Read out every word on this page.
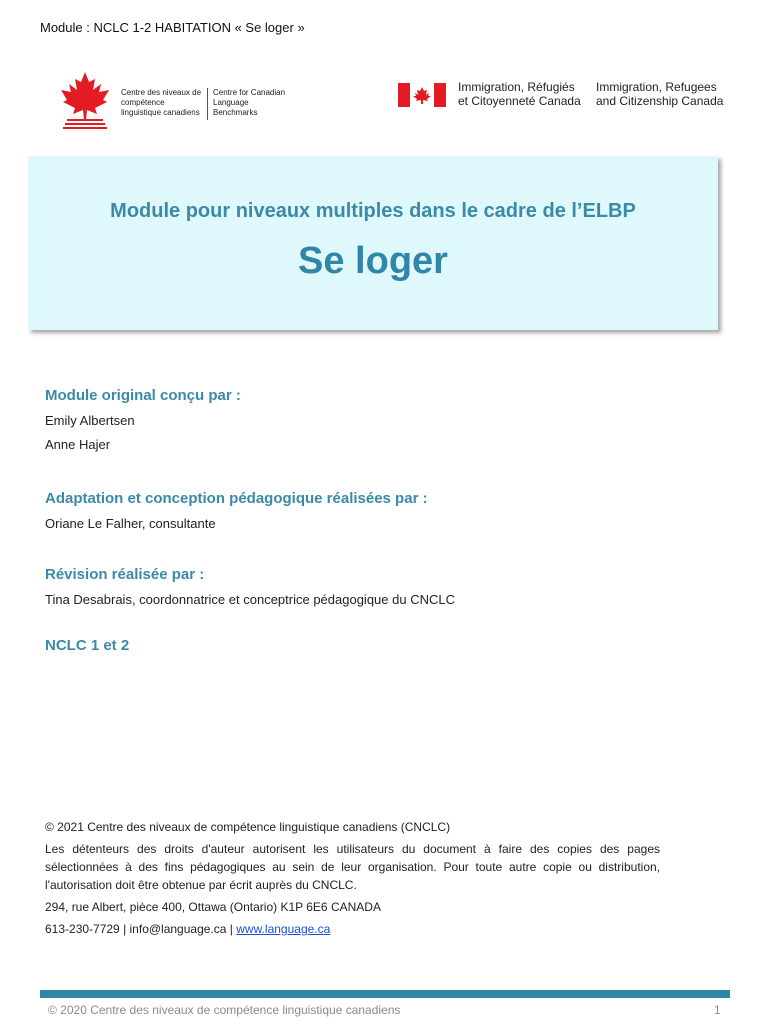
Module : NCLC 1-2 HABITATION « Se loger »
Centre des niveaux de compétence linguistique canadiens
Centre for Canadian Language Benchmarks
Immigration, Réfugiés et Citoyenneté Canada
Immigration, Refugees and Citizenship Canada
Module pour niveaux multiples dans le cadre de l’ELBP
Se loger
Module original conçu par :
Emily Albertsen
Anne Hajer
Adaptation et conception pédagogique réalisées par :
Oriane Le Falher, consultante
Révision réalisée par :
Tina Desabrais, coordonnatrice et conceptrice pédagogique du CNCLC
NCLC 1 et 2

© 2021 Centre des niveaux de compétence linguistique canadiens (CNCLC)

Les détenteurs des droits d'auteur autorisent les utilisateurs du document à faire des copies des pages sélectionnées à des fins pédagogiques au sein de leur organisation. Pour toute autre copie ou distribution, l'autorisation doit être obtenue par écrit auprès du CNCLC.

294, rue Albert, pièce 400, Ottawa (Ontario) K1P 6E6 CANADA

613-230-7729 | info@language.ca | www.language.ca

© 2020 Centre des niveaux de compétence linguistique canadiens	1
